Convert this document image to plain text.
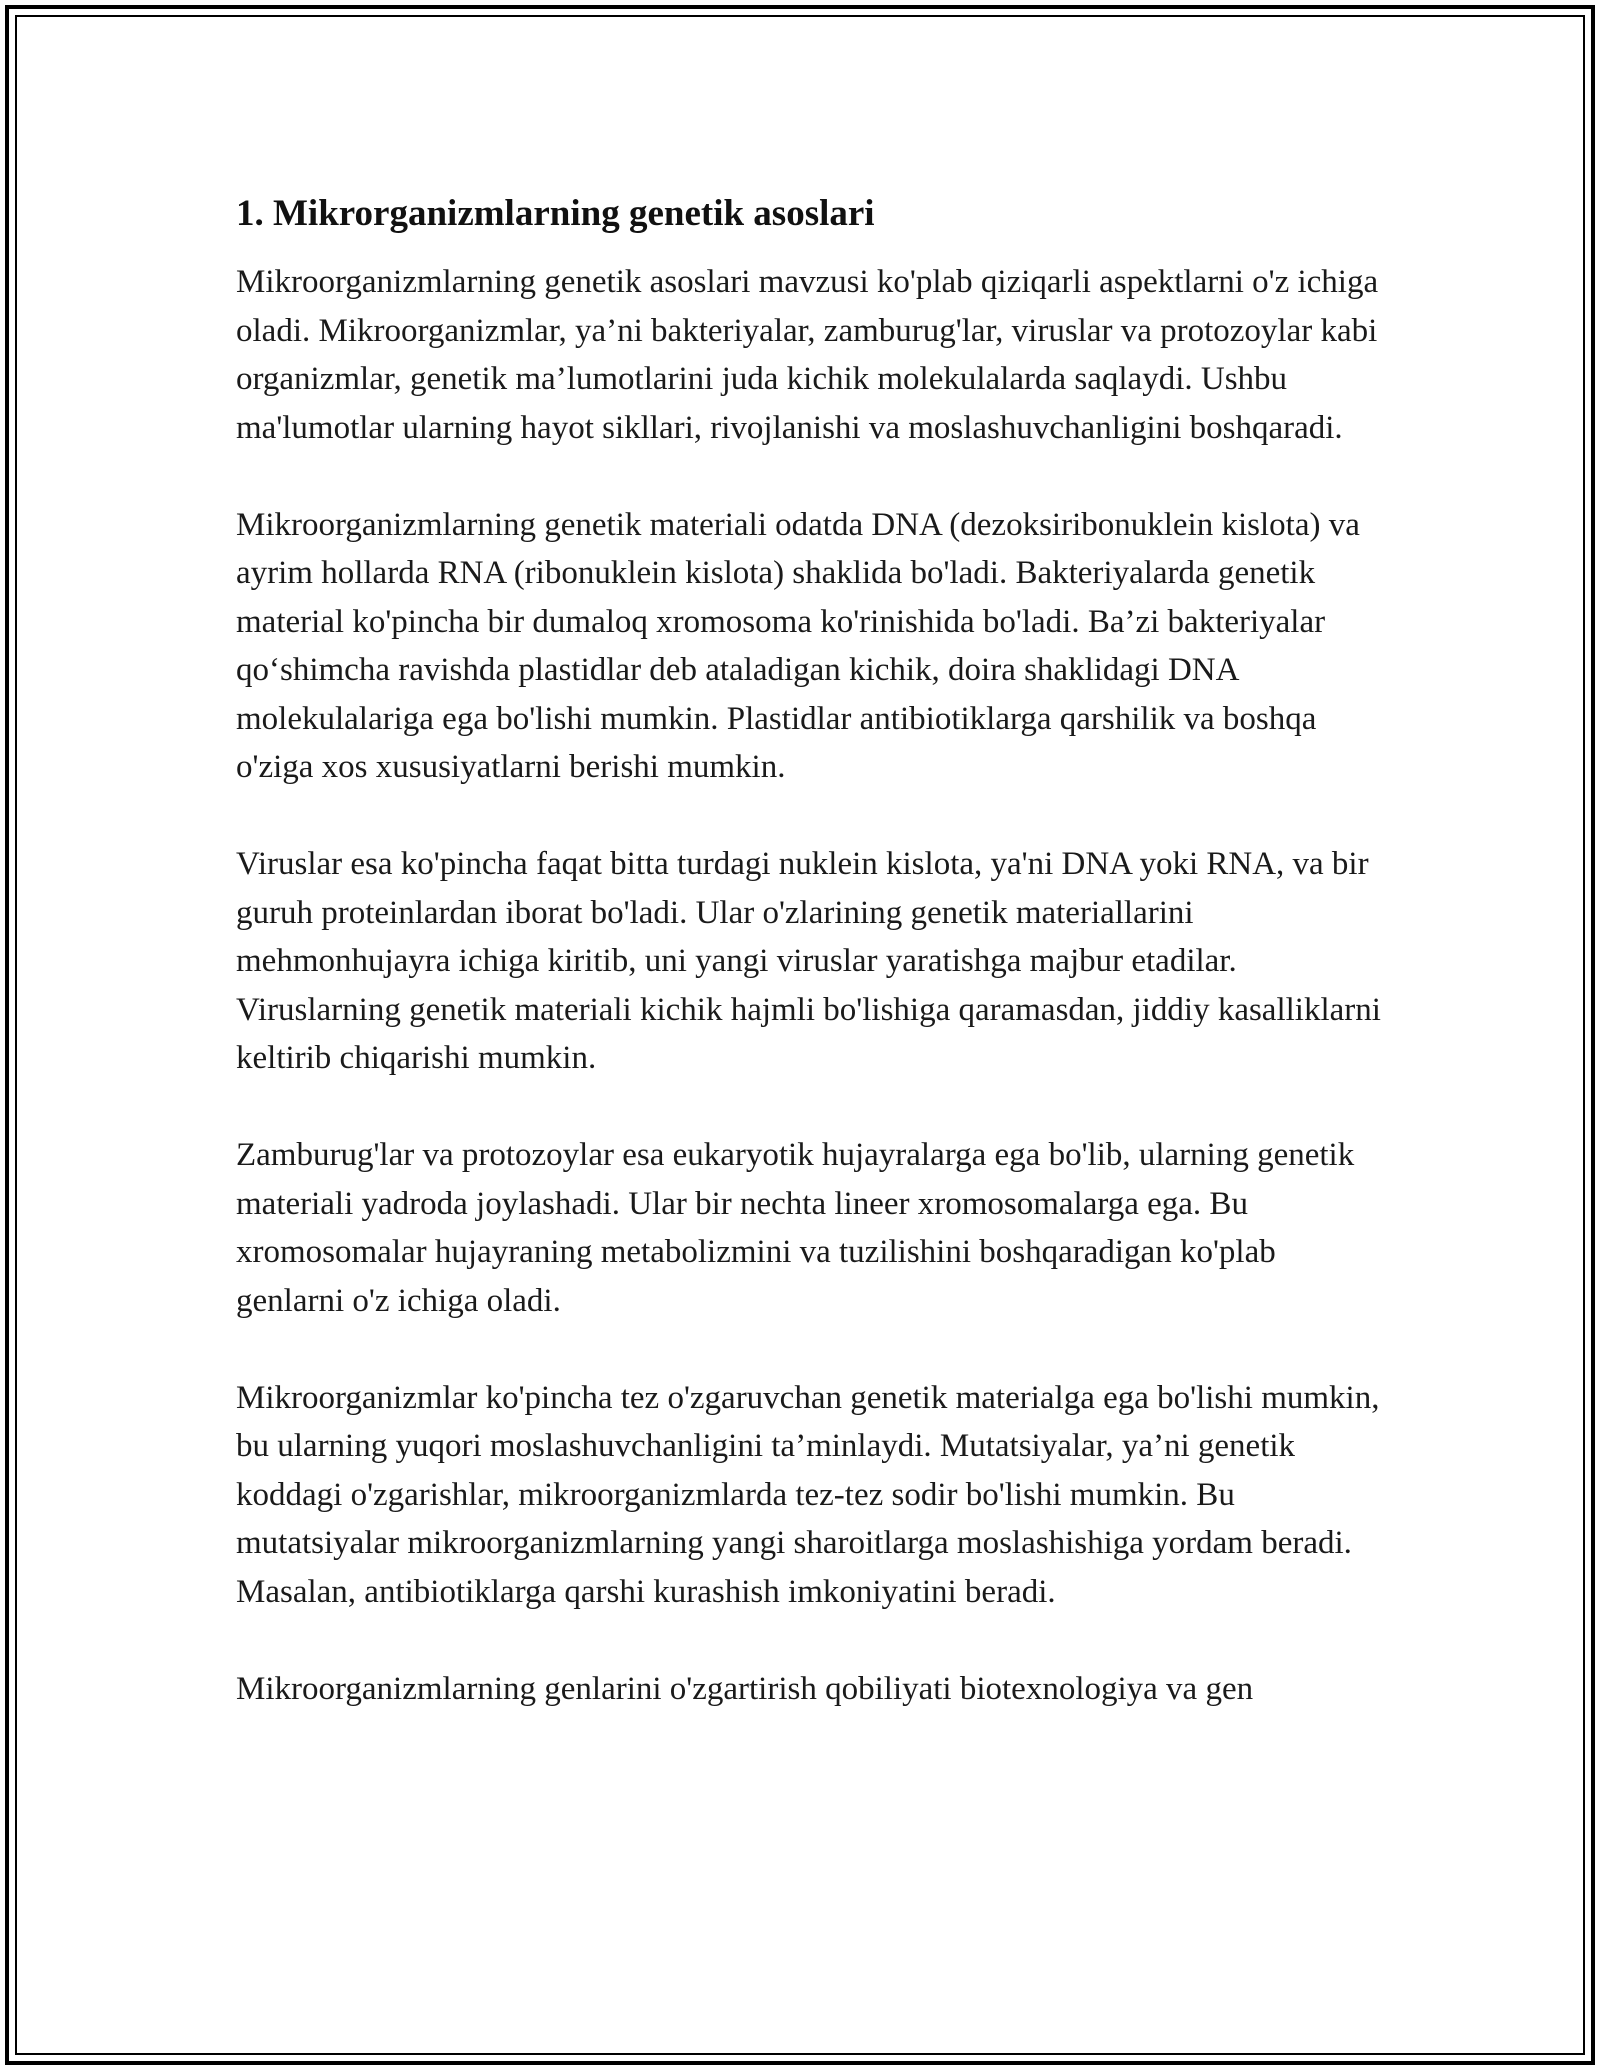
1. Mikrorganizmlarning genetik asoslari

Mikroorganizmlarning genetik asoslari mavzusi ko'plab qiziqarli aspektlarni o'z ichiga oladi. Mikroorganizmlar, ya’ni bakteriyalar, zamburug'lar, viruslar va protozoylar kabi organizmlar, genetik ma’lumotlarini juda kichik molekulalarda saqlaydi. Ushbu ma'lumotlar ularning hayot sikllari, rivojlanishi va moslashuvchanligini boshqaradi.

Mikroorganizmlarning genetik materiali odatda DNA (dezoksiribonuklein kislota) va ayrim hollarda RNA (ribonuklein kislota) shaklida bo'ladi. Bakteriyalarda genetik material ko'pincha bir dumaloq xromosoma ko'rinishida bo'ladi. Ba’zi bakteriyalar qo‘shimcha ravishda plastidlar deb ataladigan kichik, doira shaklidagi DNA molekulalariga ega bo'lishi mumkin. Plastidlar antibiotiklarga qarshilik va boshqa o'ziga xos xususiyatlarni berishi mumkin.

Viruslar esa ko'pincha faqat bitta turdagi nuklein kislota, ya'ni DNA yoki RNA, va bir guruh proteinlardan iborat bo'ladi. Ular o'zlarining genetik materiallarini mehmonhujayra ichiga kiritib, uni yangi viruslar yaratishga majbur etadilar. Viruslarning genetik materiali kichik hajmli bo'lishiga qaramasdan, jiddiy kasalliklarni keltirib chiqarishi mumkin.

Zamburug'lar va protozoylar esa eukaryotik hujayralarga ega bo'lib, ularning genetik materiali yadroda joylashadi. Ular bir nechta lineer xromosomalarga ega. Bu xromosomalar hujayraning metabolizmini va tuzilishini boshqaradigan ko'plab genlarni o'z ichiga oladi.

Mikroorganizmlar ko'pincha tez o'zgaruvchan genetik materialga ega bo'lishi mumkin, bu ularning yuqori moslashuvchanligini ta’minlaydi. Mutatsiyalar, ya’ni genetik koddagi o'zgarishlar, mikroorganizmlarda tez-tez sodir bo'lishi mumkin. Bu mutatsiyalar mikroorganizmlarning yangi sharoitlarga moslashishiga yordam beradi. Masalan, antibiotiklarga qarshi kurashish imkoniyatini beradi.

Mikroorganizmlarning genlarini o'zgartirish qobiliyati biotexnologiya va gen
